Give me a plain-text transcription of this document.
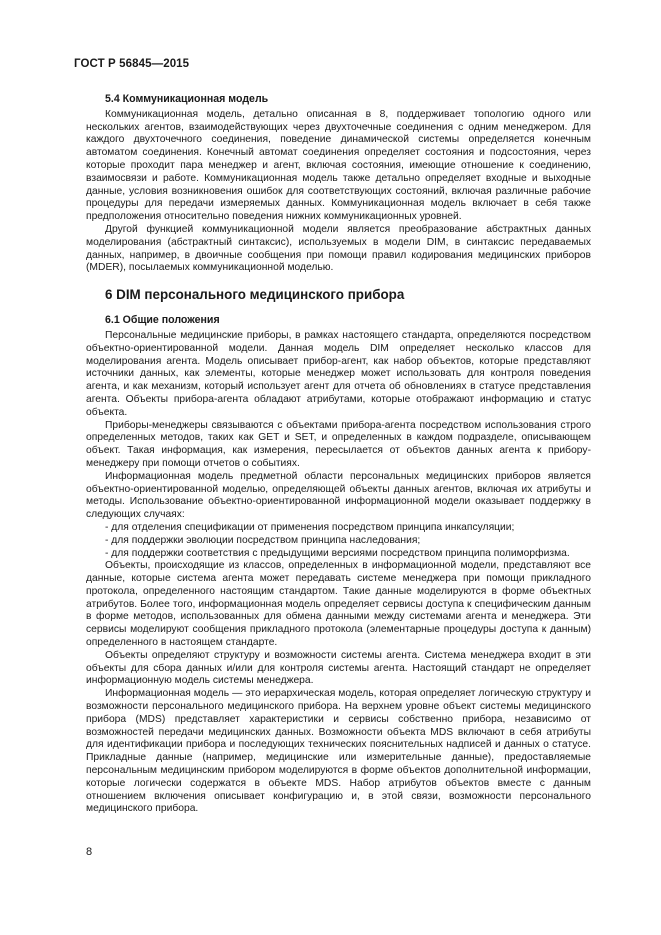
ГОСТ Р 56845—2015
5.4 Коммуникационная модель

Коммуникационная модель, детально описанная в 8, поддерживает топологию одного или нескольких агентов, взаимодействующих через двухточечные соединения с одним менеджером. Для каждого двухточечного соединения, поведение динамической системы определяется конечным автоматом соединения. Конечный автомат соединения определяет состояния и подсостояния, через которые проходит пара менеджер и агент, включая состояния, имеющие отношение к соединению, взаимосвязи и работе. Коммуникационная модель также детально определяет входные и выходные данные, условия возникновения ошибок для соответствующих состояний, включая различные рабочие процедуры для передачи измеряемых данных. Коммуникационная модель включает в себя также предположения относительно поведения нижних коммуникационных уровней.

Другой функцией коммуникационной модели является преобразование абстрактных данных моделирования (абстрактный синтаксис), используемых в модели DIM, в синтаксис передаваемых данных, например, в двоичные сообщения при помощи правил кодирования медицинских приборов (MDER), посылаемых коммуникационной моделью.

6 DIM персонального медицинского прибора
6.1 Общие положения

Персональные медицинские приборы, в рамках настоящего стандарта, определяются посредством объектно-ориентированной модели. Данная модель DIM определяет несколько классов для моделирования агента. Модель описывает прибор-агент, как набор объектов, которые представляют источники данных, как элементы, которые менеджер может использовать для контроля поведения агента, и как механизм, который использует агент для отчета об обновлениях в статусе представления агента. Объекты прибора-агента обладают атрибутами, которые отображают информацию и статус объекта.

Приборы-менеджеры связываются с объектами прибора-агента посредством использования строго определенных методов, таких как GET и SET, и определенных в каждом подразделе, описывающем объект. Такая информация, как измерения, пересылается от объектов данных агента к прибору-менеджеру при помощи отчетов о событиях.

Информационная модель предметной области персональных медицинских приборов является объектно-ориентированной моделью, определяющей объекты данных агентов, включая их атрибуты и методы. Использование объектно-ориентированной информационной модели оказывает поддержку в следующих случаях:

- для отделения спецификации от применения посредством принципа инкапсуляции;
- для поддержки эволюции посредством принципа наследования;
- для поддержки соответствия с предыдущими версиями посредством принципа полиморфизма.

Объекты, происходящие из классов, определенных в информационной модели, представляют все данные, которые система агента может передавать системе менеджера при помощи прикладного протокола, определенного настоящим стандартом. Такие данные моделируются в форме объектных атрибутов. Более того, информационная модель определяет сервисы доступа к специфическим данным в форме методов, использованных для обмена данными между системами агента и менеджера. Эти сервисы моделируют сообщения прикладного протокола (элементарные процедуры доступа к данным) определенного в настоящем стандарте.

Объекты определяют структуру и возможности системы агента. Система менеджера входит в эти объекты для сбора данных и/или для контроля системы агента. Настоящий стандарт не определяет информационную модель системы менеджера.

Информационная модель — это иерархическая модель, которая определяет логическую структуру и возможности персонального медицинского прибора. На верхнем уровне объект системы медицинского прибора (MDS) представляет характеристики и сервисы собственно прибора, независимо от возможностей передачи медицинских данных. Возможности объекта MDS включают в себя атрибуты для идентификации прибора и последующих технических пояснительных надписей и данных о статусе. Прикладные данные (например, медицинские или измерительные данные), предоставляемые персональным медицинским прибором моделируются в форме объектов дополнительной информации, которые логически содержатся в объекте MDS. Набор атрибутов объектов вместе с данным отношением включения описывает конфигурацию и, в этой связи, возможности персонального медицинского прибора.

8
